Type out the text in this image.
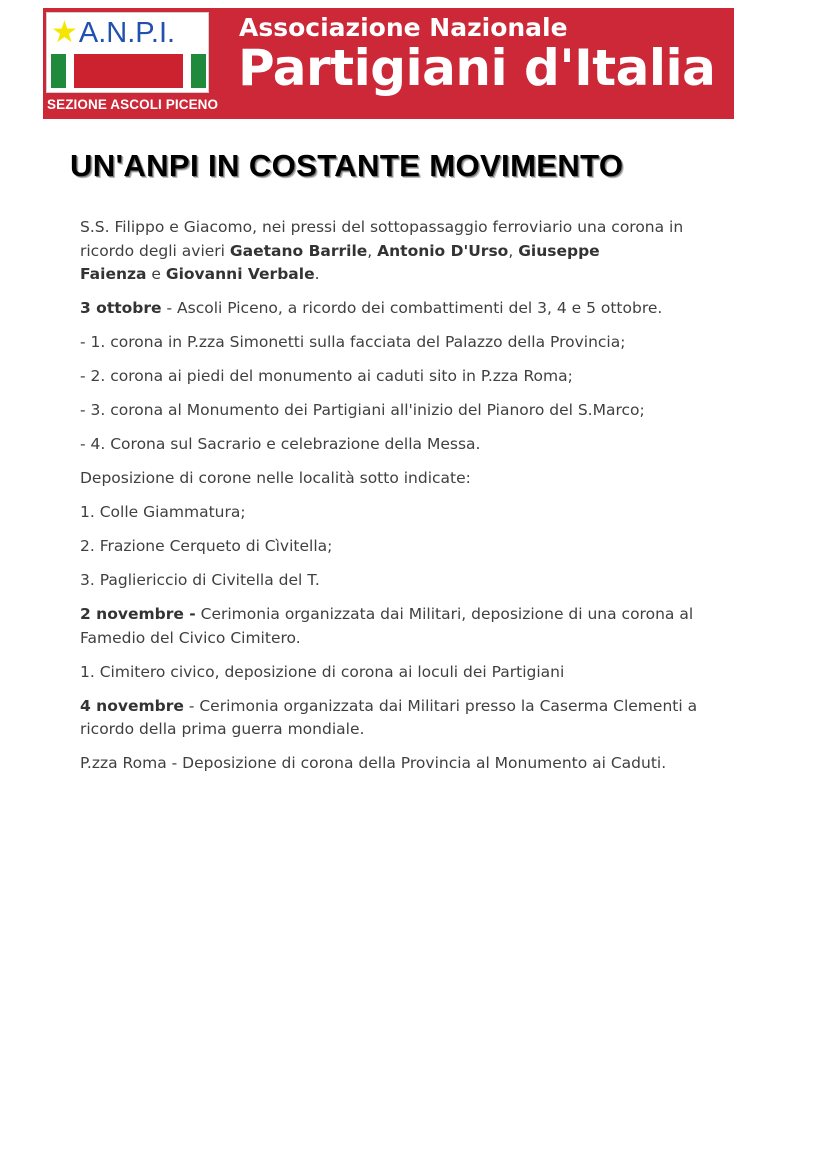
★ A.N.P.I.
SEZIONE ASCOLI PICENO
Associazione Nazionale
Partigiani d'Italia
UN'ANPI IN COSTANTE MOVIMENTO

S.S. Filippo e Giacomo, nei pressi del sottopassaggio ferroviario una corona in ricordo degli avieri Gaetano Barrile, Antonio D'Urso, Giuseppe
Faienza e Giovanni Verbale.

3 ottobre - Ascoli Piceno, a ricordo dei combattimenti del 3, 4 e 5 ottobre.

- 1. corona in P.zza Simonetti sulla facciata del Palazzo della Provincia;

- 2. corona ai piedi del monumento ai caduti sito in P.zza Roma;

- 3. corona al Monumento dei Partigiani all'inizio del Pianoro del S.Marco;

- 4. Corona sul Sacrario e celebrazione della Messa.

Deposizione di corone nelle località sotto indicate:

1. Colle Giammatura;

2. Frazione Cerqueto di Cìvitella;

3. Pagliericcio di Civitella del T.

2 novembre - Cerimonia organizzata dai Militari, deposizione di una corona al Famedio del Civico Cimitero.

1. Cimitero civico, deposizione di corona ai loculi dei Partigiani

4 novembre - Cerimonia organizzata dai Militari presso la Caserma Clementi a ricordo della prima guerra mondiale.

P.zza Roma - Deposizione di corona della Provincia al Monumento ai Caduti.
